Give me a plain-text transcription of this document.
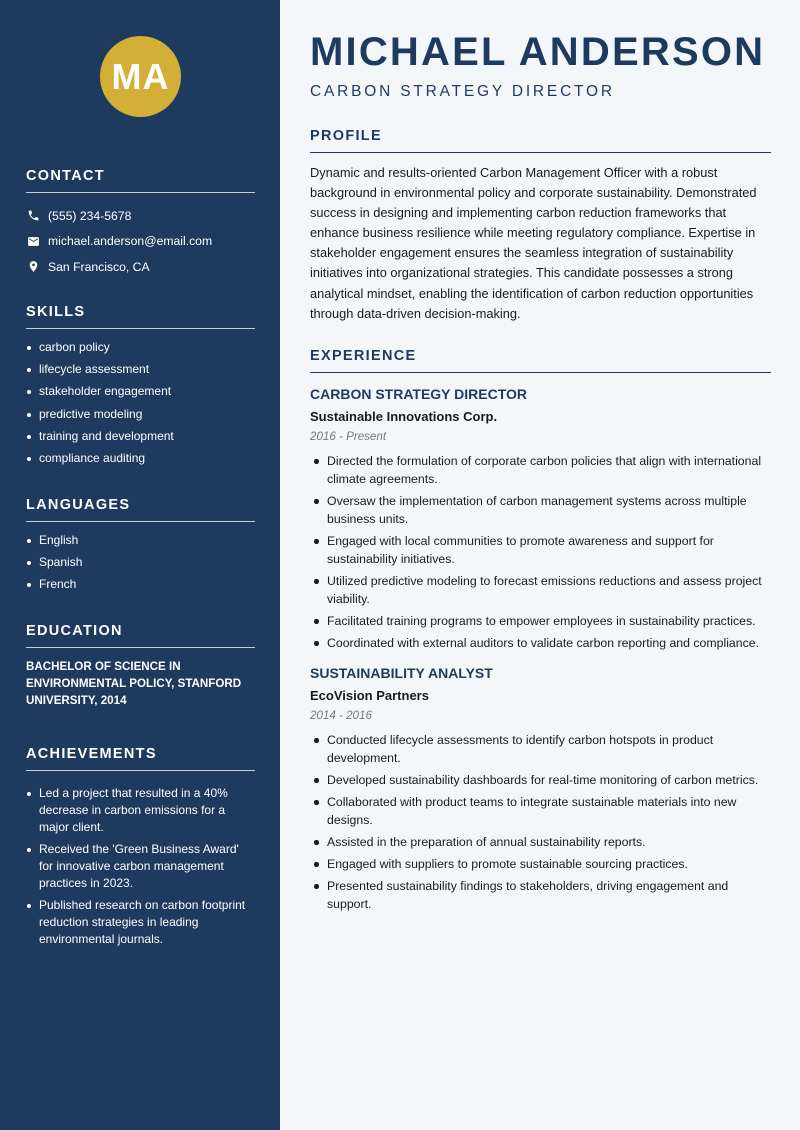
MA
CONTACT
(555) 234-5678
michael.anderson@email.com
San Francisco, CA
SKILLS
carbon policy
lifecycle assessment
stakeholder engagement
predictive modeling
training and development
compliance auditing
LANGUAGES
English
Spanish
French
EDUCATION
BACHELOR OF SCIENCE IN ENVIRONMENTAL POLICY, STANFORD UNIVERSITY, 2014
ACHIEVEMENTS
Led a project that resulted in a 40% decrease in carbon emissions for a major client.
Received the 'Green Business Award' for innovative carbon management practices in 2023.
Published research on carbon footprint reduction strategies in leading environmental journals.
MICHAEL ANDERSON
CARBON STRATEGY DIRECTOR
PROFILE

Dynamic and results-oriented Carbon Management Officer with a robust background in environmental policy and corporate sustainability. Demonstrated success in designing and implementing carbon reduction frameworks that enhance business resilience while meeting regulatory compliance. Expertise in stakeholder engagement ensures the seamless integration of sustainability initiatives into organizational strategies. This candidate possesses a strong analytical mindset, enabling the identification of carbon reduction opportunities through data-driven decision-making.

EXPERIENCE
CARBON STRATEGY DIRECTOR
Sustainable Innovations Corp.
2016 - Present
Directed the formulation of corporate carbon policies that align with international climate agreements.
Oversaw the implementation of carbon management systems across multiple business units.
Engaged with local communities to promote awareness and support for sustainability initiatives.
Utilized predictive modeling to forecast emissions reductions and assess project viability.
Facilitated training programs to empower employees in sustainability practices.
Coordinated with external auditors to validate carbon reporting and compliance.
SUSTAINABILITY ANALYST
EcoVision Partners
2014 - 2016
Conducted lifecycle assessments to identify carbon hotspots in product development.
Developed sustainability dashboards for real-time monitoring of carbon metrics.
Collaborated with product teams to integrate sustainable materials into new designs.
Assisted in the preparation of annual sustainability reports.
Engaged with suppliers to promote sustainable sourcing practices.
Presented sustainability findings to stakeholders, driving engagement and support.
